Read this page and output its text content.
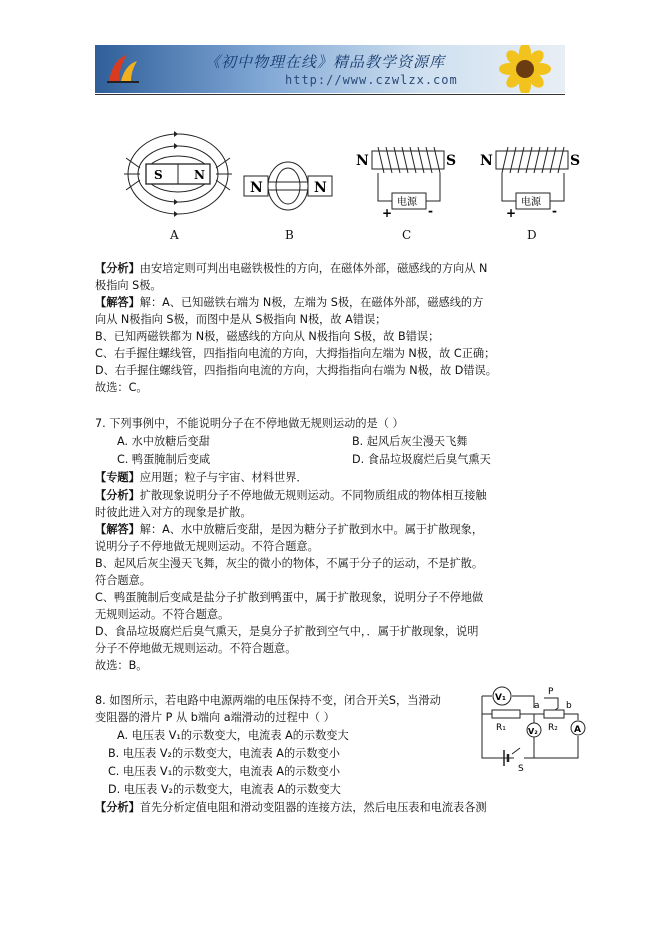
《初中物理在线》精品教学资源库
http://www.czwlzx.com
S	N
A
N	N
B
N	S
电源
+	-
C
N	S
电源
+	-
D
【分析】由安培定则可判出电磁铁极性的方向，在磁体外部，磁感线的方向从 N
极指向 S极。
【解答】解：A、已知磁铁右端为 N极，左端为 S极，在磁体外部，磁感线的方
向从 N极指向 S极，而图中是从 S极指向 N极，故 A错误；
B、已知两磁铁都为 N极，磁感线的方向从 N极指向 S极，故 B错误；
C、右手握住螺线管，四指指向电流的方向，大拇指指向左端为 N极，故 C正确；
D、右手握住螺线管，四指指向电流的方向，大拇指指向右端为 N极，故 D错误。
故选：C。
7. 下列事例中，不能说明分子在不停地做无规则运动的是（ ）
A. 水中放糖后变甜	B. 起风后灰尘漫天飞舞
C. 鸭蛋腌制后变咸	D. 食品垃圾腐烂后臭气熏天
【专题】应用题；粒子与宇宙、材料世界．
【分析】扩散现象说明分子不停地做无规则运动。不同物质组成的物体相互接触
时彼此进入对方的现象是扩散。
【解答】解：A、水中放糖后变甜，是因为糖分子扩散到水中。属于扩散现象，
说明分子不停地做无规则运动。不符合题意。
B、起风后灰尘漫天飞舞，灰尘的微小的物体，不属于分子的运动，不是扩散。
符合题意。
C、鸭蛋腌制后变咸是盐分子扩散到鸭蛋中，属于扩散现象，说明分子不停地做
无规则运动。不符合题意。
D、食品垃圾腐烂后臭气熏天，是臭分子扩散到空气中，．属于扩散现象，说明
分子不停地做无规则运动。不符合题意。
故选：B。
8. 如图所示，若电路中电源两端的电压保持不变，闭合开关S，当滑动
变阻器的滑片 P 从 b端向 a端滑动的过程中（ ）
A. 电压表 V₁的示数变大，电流表 A的示数变大
B. 电压表 V₂的示数变大，电流表 A的示数变小
C. 电压表 V₁的示数变大，电流表 A的示数变小
D. 电压表 V₂的示数变大，电流表 A的示数变大
【分析】首先分析定值电阻和滑动变阻器的连接方法，然后电压表和电流表各测
V₁
R₁	R₂
P
a	b
V₂	A
S
